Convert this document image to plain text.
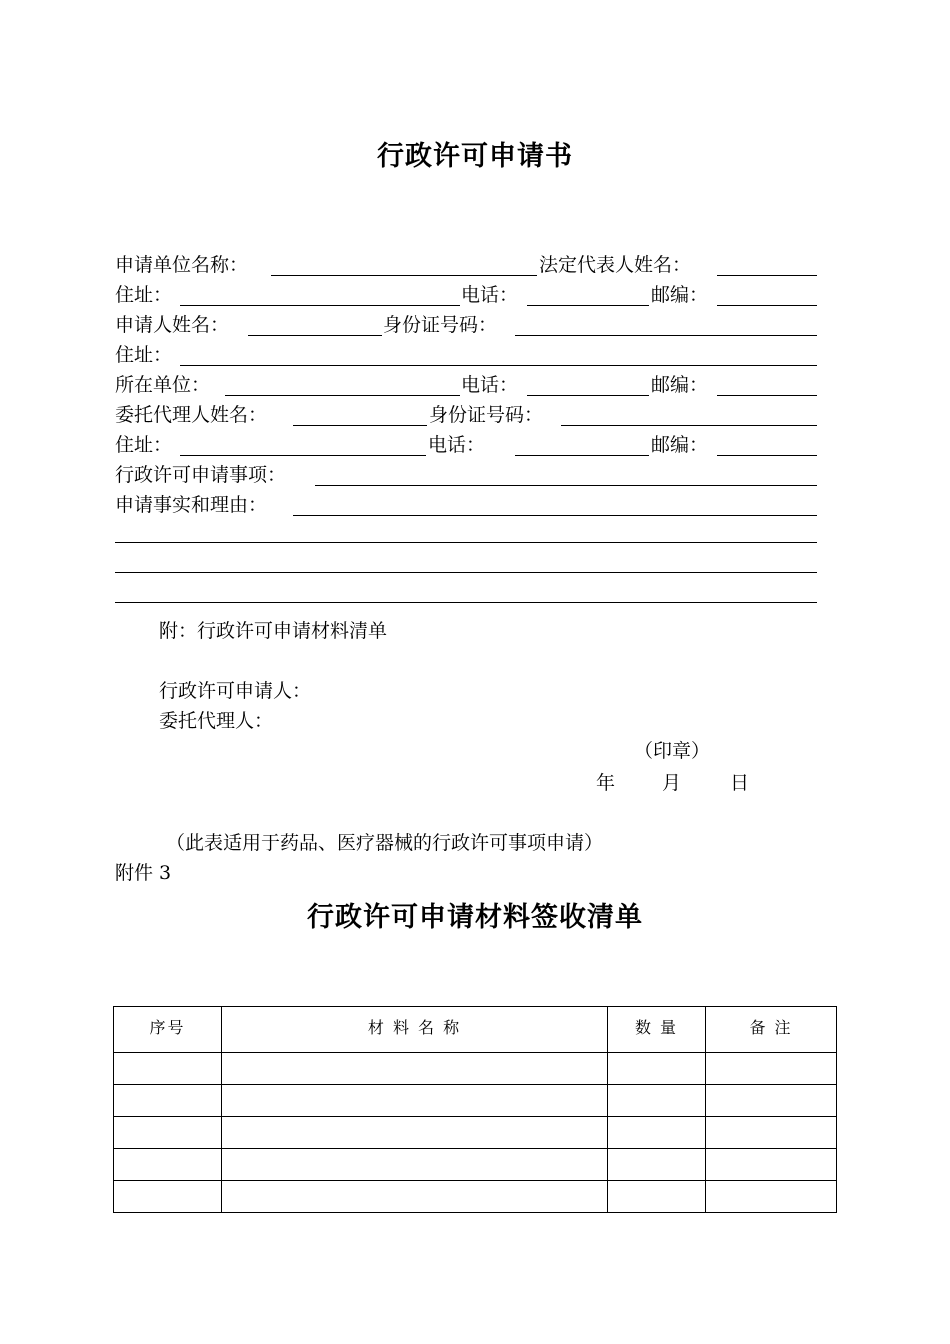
行政许可申请书
申请单位名称：	法定代表人姓名：
住址：	电话：	邮编：
申请人姓名：	身份证号码：
住址：
所在单位：	电话：	邮编：
委托代理人姓名：	身份证号码：
住址：	电话：	邮编：
行政许可申请事项：
申请事实和理由：
附：行政许可申请材料清单
行政许可申请人：
委托代理人：
（印章）
年 月	日
（此表适用于药品、医疗器械的行政许可事项申请）
附件 3
行政许可申请材料签收清单
序号	材 料 名 称	数 量	备 注
